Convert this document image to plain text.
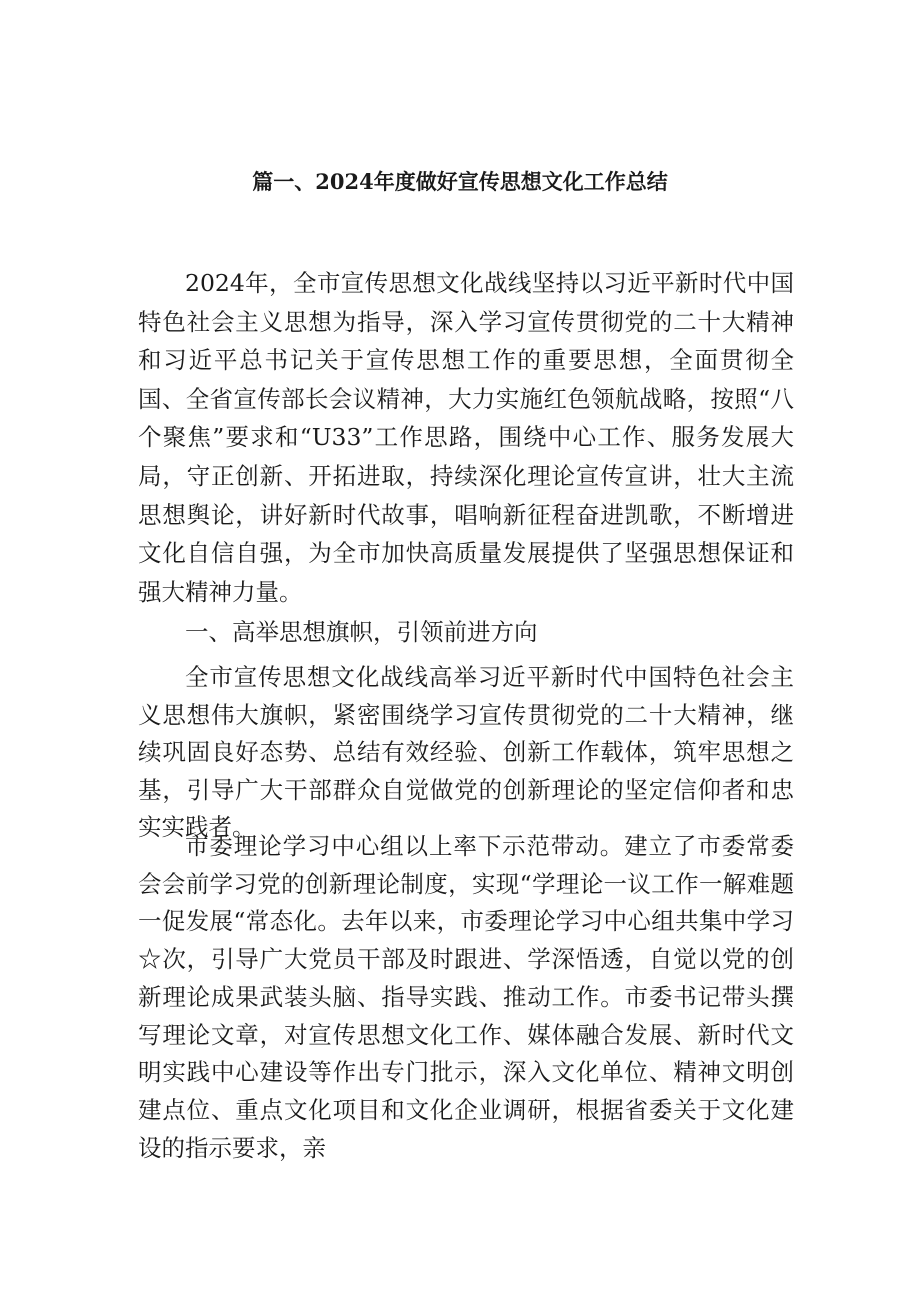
篇一、2024年度做好宣传思想文化工作总结

2024年，全市宣传思想文化战线坚持以习近平新时代中国特色社会主义思想为指导，深入学习宣传贯彻党的二十大精神和习近平总书记关于宣传思想工作的重要思想，全面贯彻全国、全省宣传部长会议精神，大力实施红色领航战略，按照“八个聚焦”要求和“U33”工作思路，围绕中心工作、服务发展大局，守正创新、开拓进取，持续深化理论宣传宣讲，壮大主流思想舆论，讲好新时代故事，唱响新征程奋进凯歌，不断增进文化自信自强，为全市加快高质量发展提供了坚强思想保证和强大精神力量。

一、高举思想旗帜，引领前进方向

全市宣传思想文化战线高举习近平新时代中国特色社会主义思想伟大旗帜，紧密围绕学习宣传贯彻党的二十大精神，继续巩固良好态势、总结有效经验、创新工作载体，筑牢思想之基，引导广大干部群众自觉做党的创新理论的坚定信仰者和忠实实践者。

市委理论学习中心组以上率下示范带动。建立了市委常委会会前学习党的创新理论制度，实现“学理论一议工作一解难题一促发展“常态化。去年以来，市委理论学习中心组共集中学习☆次，引导广大党员干部及时跟进、学深悟透，自觉以党的创新理论成果武装头脑、指导实践、推动工作。市委书记带头撰写理论文章，对宣传思想文化工作、媒体融合发展、新时代文明实践中心建设等作出专门批示，深入文化单位、精神文明创建点位、重点文化项目和文化企业调研，根据省委关于文化建设的指示要求，亲
